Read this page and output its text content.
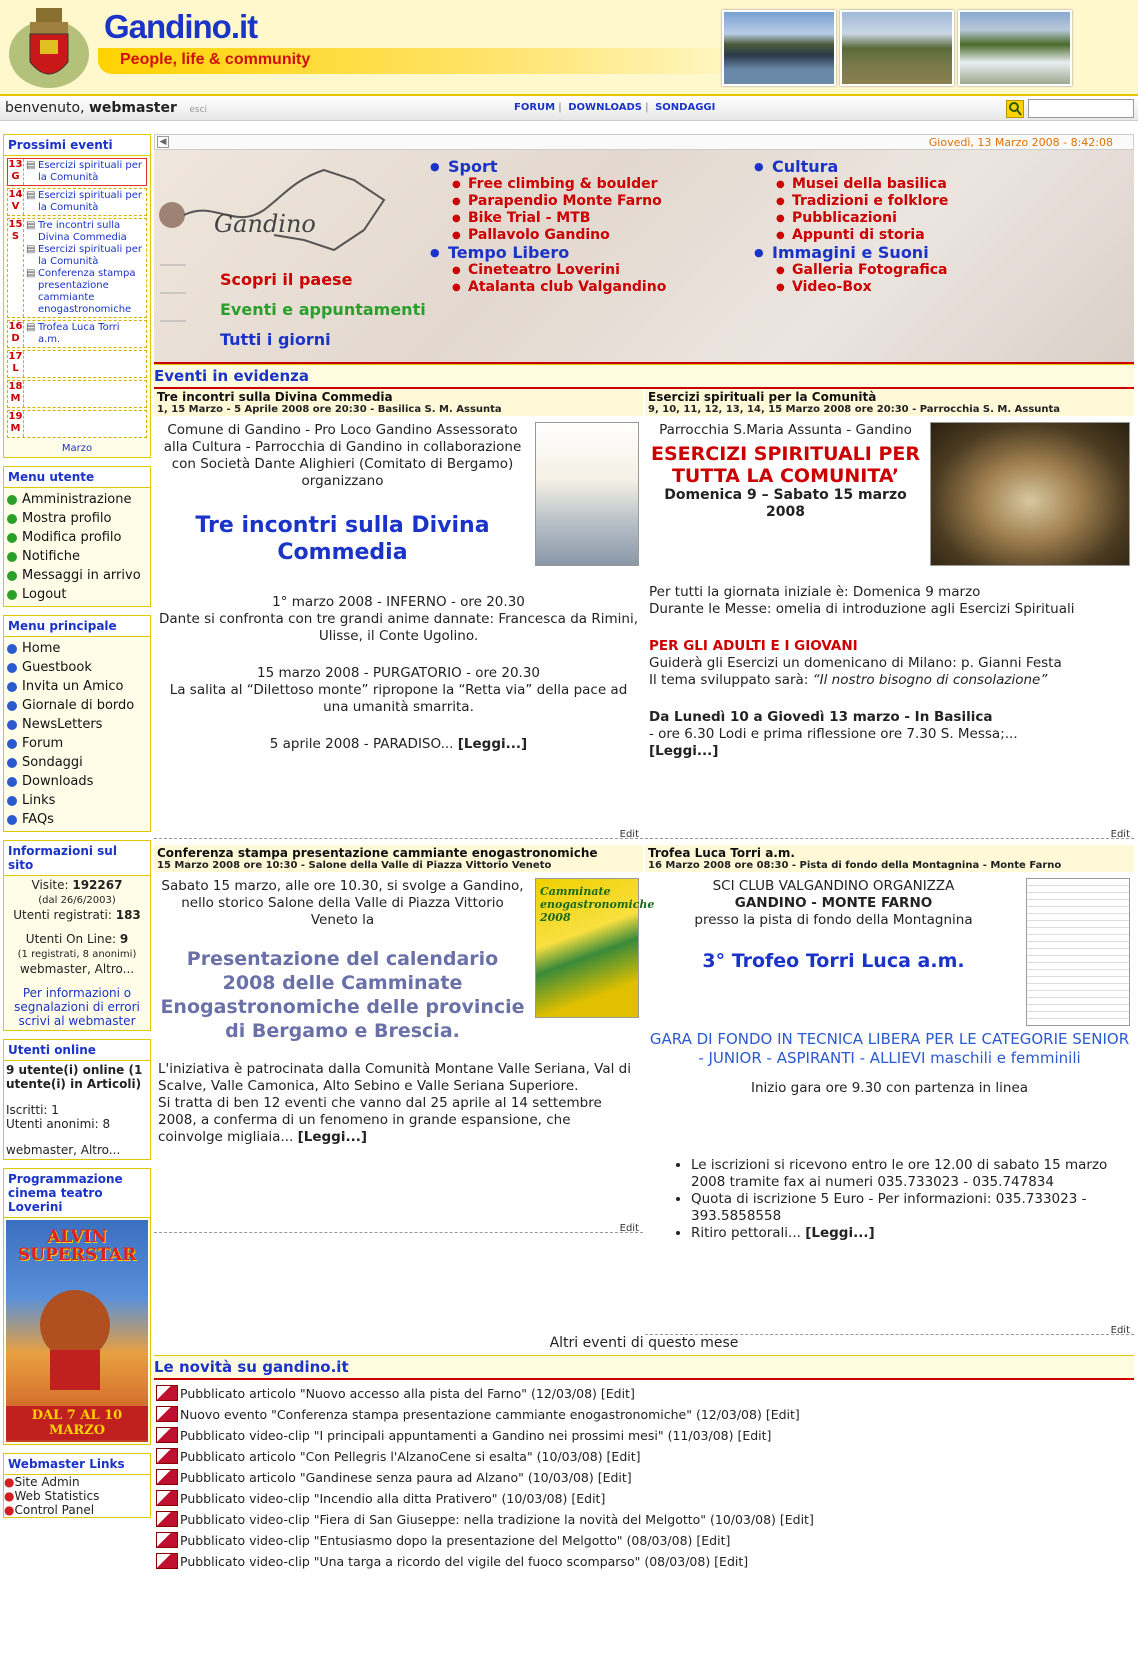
Gandino.it
People, life & community
benvenuto, webmaster esci	FORUM | DOWNLOADS | SONDAGGI
Prossimi eventi
13 G
▤ Esercizi spirituali per la Comunità
14 V
▤ Esercizi spirituali per la Comunità
15 S
▤ Tre incontri sulla Divina Commedia
▤ Esercizi spirituali per la Comunità
▤ Conferenza stampa presentazione cammiante enogastronomiche
16 D
▤ Trofea Luca Torri a.m.
17 L
18 M
19 M
Marzo
Menu utente
Amministrazione
Mostra profilo
Modifica profilo
Notifiche
Messaggi in arrivo
Logout
Menu principale
Home
Guestbook
Invita un Amico
Giornale di bordo
NewsLetters
Forum
Sondaggi
Downloads
Links
FAQs
Informazioni sul sito

Visite: 192267
(dal 26/6/2003)
Utenti registrati: 183

Utenti On Line: 9
(1 registrati, 8 anonimi)
webmaster, Altro...

Per informazioni o segnalazioni di errori scrivi al webmaster

Utenti online
9 utente(i) online (1 utente(i) in Articoli)
Iscritti: 1
Utenti anonimi: 8
webmaster, Altro...
Programmazione cinema teatro Loverini
ALVIN SUPERSTAR
DAL 7 AL 10 MARZO
Webmaster Links
●Site Admin
●Web Statistics
●Control Panel
◀	Giovedì, 13 Marzo 2008 - 8:42:08
Gandino
Scopri il paese
Eventi e appuntamenti
Tutti i giorni
● Sport
● Free climbing & boulder
● Parapendio Monte Farno
● Bike Trial - MTB
● Pallavolo Gandino
● Tempo Libero
● Cineteatro Loverini
● Atalanta club Valgandino
● Cultura
● Musei della basilica
● Tradizioni e folklore
● Pubblicazioni
● Appunti di storia
● Immagini e Suoni
● Galleria Fotografica
● Video-Box
Eventi in evidenza
Tre incontri sulla Divina Commedia
1, 15 Marzo - 5 Aprile 2008 ore 20:30 - Basilica S. M. Assunta
Comune di Gandino - Pro Loco Gandino Assessorato alla Cultura - Parrocchia di Gandino in collaborazione con Società Dante Alighieri (Comitato di Bergamo) organizzano
Tre incontri sulla Divina Commedia
1° marzo 2008 - INFERNO - ore 20.30
Dante si confronta con tre grandi anime dannate: Francesca da Rimini, Ulisse, il Conte Ugolino.
15 marzo 2008 - PURGATORIO - ore 20.30
La salita al “Dilettoso monte” ripropone la “Retta via” della pace ad una umanità smarrita.
5 aprile 2008 - PARADISO... [Leggi...]
Edit
Conferenza stampa presentazione cammiante enogastronomiche
15 Marzo 2008 ore 10:30 - Salone della Valle di Piazza Vittorio Veneto
Camminate enogastronomiche 2008
Sabato 15 marzo, alle ore 10.30, si svolge a Gandino, nello storico Salone della Valle di Piazza Vittorio Veneto la
Presentazione del calendario 2008 delle Camminate Enogastronomiche delle provincie di Bergamo e Brescia.
L'iniziativa è patrocinata dalla Comunità Montane Valle Seriana, Val di Scalve, Valle Camonica, Alto Sebino e Valle Seriana Superiore.
Si tratta di ben 12 eventi che vanno dal 25 aprile al 14 settembre 2008, a conferma di un fenomeno in grande espansione, che coinvolge migliaia... [Leggi...]
Edit
Esercizi spirituali per la Comunità
9, 10, 11, 12, 13, 14, 15 Marzo 2008 ore 20:30 - Parrocchia S. M. Assunta
Parrocchia S.Maria Assunta - Gandino
ESERCIZI SPIRITUALI PER TUTTA LA COMUNITA’
Domenica 9 – Sabato 15 marzo 2008
Per tutti la giornata iniziale è: Domenica 9 marzo
Durante le Messe: omelia di introduzione agli Esercizi Spirituali
PER GLI ADULTI E I GIOVANI
Guiderà gli Esercizi un domenicano di Milano: p. Gianni Festa
Il tema sviluppato sarà: “Il nostro bisogno di consolazione”
Da Lunedì 10 a Giovedì 13 marzo - In Basilica
- ore 6.30 Lodi e prima riflessione ore 7.30 S. Messa;...
[Leggi...]
Edit
Trofea Luca Torri a.m.
16 Marzo 2008 ore 08:30 - Pista di fondo della Montagnina - Monte Farno
SCI CLUB VALGANDINO ORGANIZZA
GANDINO - MONTE FARNO
presso la pista di fondo della Montagnina
3° Trofeo Torri Luca a.m.
GARA DI FONDO IN TECNICA LIBERA PER LE CATEGORIE SENIOR - JUNIOR - ASPIRANTI - ALLIEVI maschili e femminili
Inizio gara ore 9.30 con partenza in linea
• Le iscrizioni si ricevono entro le ore 12.00 di sabato 15 marzo 2008 tramite fax ai numeri 035.733023 - 035.747834
• Quota di iscrizione 5 Euro - Per informazioni: 035.733023 - 393.5858558
• Ritiro pettorali... [Leggi...]
Edit
Altri eventi di questo mese
Le novità su gandino.it
Pubblicato articolo "Nuovo accesso alla pista del Farno" (12/03/08) [Edit]
Nuovo evento "Conferenza stampa presentazione cammiante enogastronomiche" (12/03/08) [Edit]
Pubblicato video-clip "I principali appuntamenti a Gandino nei prossimi mesi" (11/03/08) [Edit]
Pubblicato articolo "Con Pellegris l'AlzanoCene si esalta" (10/03/08) [Edit]
Pubblicato articolo "Gandinese senza paura ad Alzano" (10/03/08) [Edit]
Pubblicato video-clip "Incendio alla ditta Prativero" (10/03/08) [Edit]
Pubblicato video-clip "Fiera di San Giuseppe: nella tradizione la novità del Melgotto" (10/03/08) [Edit]
Pubblicato video-clip "Entusiasmo dopo la presentazione del Melgotto" (08/03/08) [Edit]
Pubblicato video-clip "Una targa a ricordo del vigile del fuoco scomparso" (08/03/08) [Edit]
